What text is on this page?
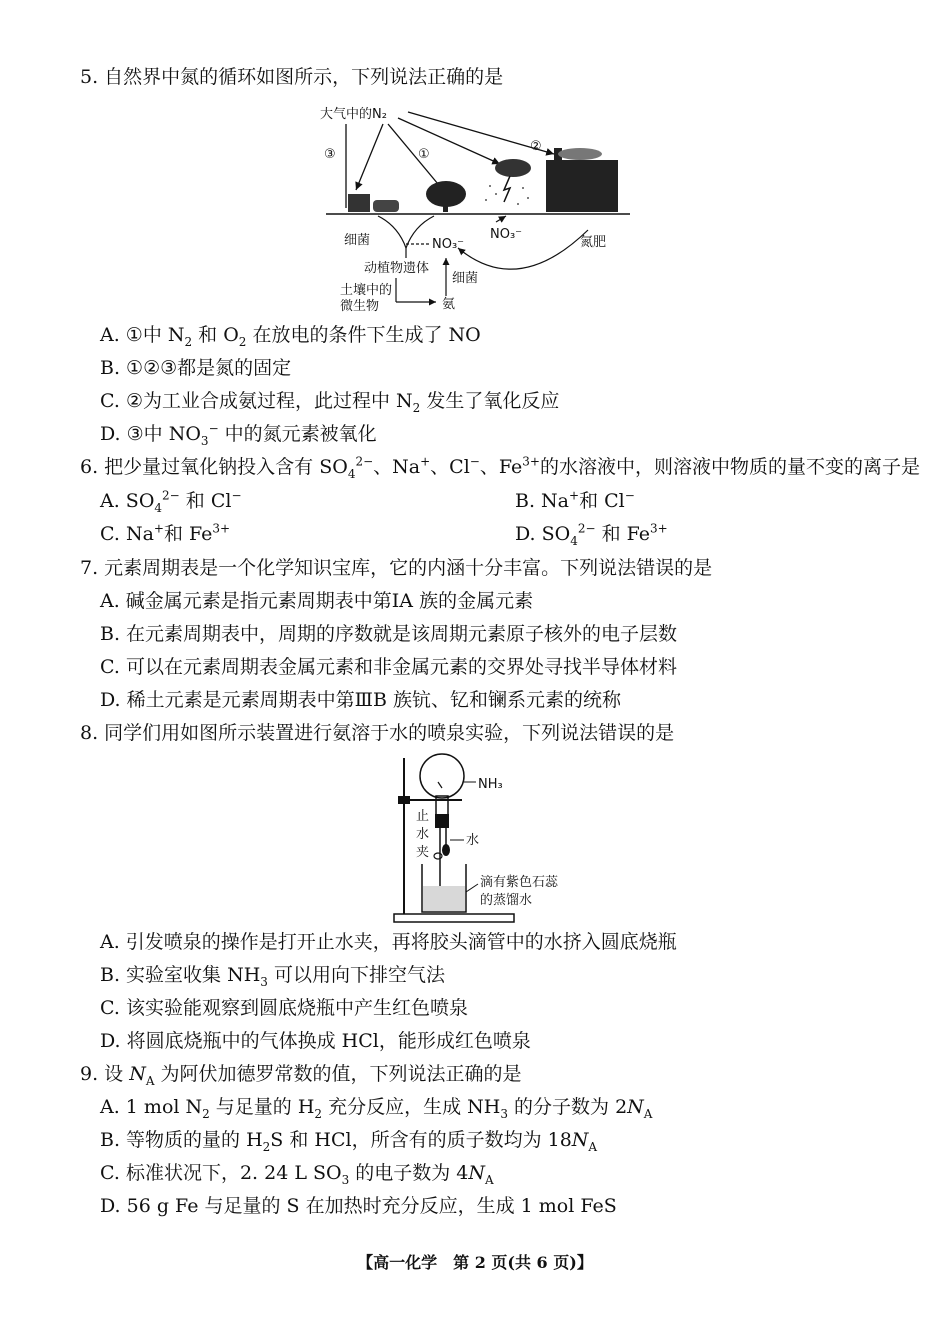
5. 自然界中氮的循环如图所示，下列说法正确的是
大气中的N₂
③	①
②
细菌	NO₃⁻
NO₃⁻
氮肥
动植物遗体
细菌
土壤中的
微生物	氨
A. ①中 $N_2$ 和 $O_2$ 在放电的条件下生成了 NO
B. ①②③都是氮的固定
C. ②为工业合成氨过程，此过程中 $N_2$ 发生了氧化反应
D. ③中 $NO_3^-$ 中的氮元素被氧化
6. 把少量过氧化钠投入含有 $SO_4^{2-}$、Na+、Cl−、$Fe^{3+}$的水溶液中，则溶液中物质的量不变的离子是
A. $SO_4^{2-}$ 和 Cl−	B. Na+和 Cl−
C. Na+和 $Fe^{3+}$	D. $SO_4^{2-}$ 和 $Fe^{3+}$
7. 元素周期表是一个化学知识宝库，它的内涵十分丰富。下列说法错误的是
A. 碱金属元素是指元素周期表中第ⅠA 族的金属元素
B. 在元素周期表中，周期的序数就是该周期元素原子核外的电子层数
C. 可以在元素周期表金属元素和非金属元素的交界处寻找半导体材料
D. 稀土元素是元素周期表中第ⅢB 族钪、钇和镧系元素的统称
8. 同学们用如图所示装置进行氨溶于水的喷泉实验，下列说法错误的是
NH₃
止
水
夹
水
滴有紫色石蕊
的蒸馏水
A. 引发喷泉的操作是打开止水夹，再将胶头滴管中的水挤入圆底烧瓶
B. 实验室收集 $NH_3$ 可以用向下排空气法
C. 该实验能观察到圆底烧瓶中产生红色喷泉
D. 将圆底烧瓶中的气体换成 HCl，能形成红色喷泉
9. 设 $N_A$ 为阿伏加德罗常数的值，下列说法正确的是
A. 1 mol $N_2$ 与足量的 $H_2$ 充分反应，生成 $NH_3$ 的分子数为 $2N_A$
B. 等物质的量的 $H_2S$ 和 HCl，所含有的质子数均为 $18N_A$
C. 标准状况下，2. 24 L $SO_3$ 的电子数为 $4N_A$
D. 56 g Fe 与足量的 S 在加热时充分反应，生成 1 mol FeS
【高一化学　第 2 页(共 6 页)】
